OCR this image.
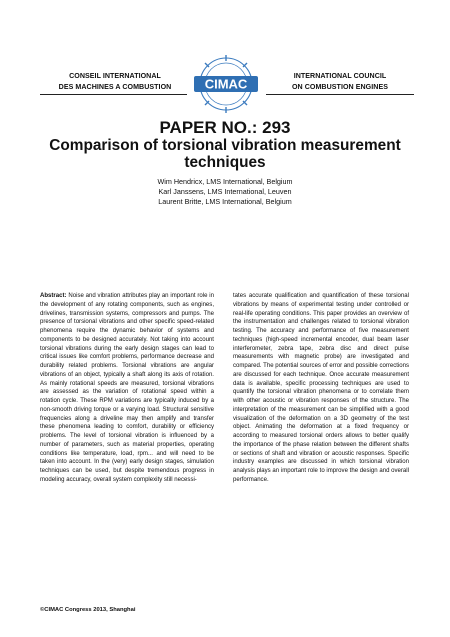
CONSEIL INTERNATIONAL
DES MACHINES A COMBUSTION	CIMAC
INTERNATIONAL COUNCIL
ON COMBUSTION ENGINES
PAPER NO.: 293
Comparison of torsional vibration measurement techniques
Wim Hendricx, LMS International, Belgium
Karl Janssens, LMS International, Leuven
Laurent Britte, LMS International, Belgium
Abstract: Noise and vibration attributes play an important role in the development of any rotating components, such as engines, drivelines, transmission systems, compressors and pumps. The presence of torsional vibrations and other specific speed-related phenomena require the dynamic behavior of systems and components to be designed accurately. Not taking into account torsional vibrations during the early design stages can lead to critical issues like comfort problems, performance decrease and durability related problems. Torsional vibrations are angular vibrations of an object, typically a shaft along its axis of rotation. As mainly rotational speeds are measured, torsional vibrations are assessed as the variation of rotational speed within a rotation cycle. These RPM variations are typically induced by a non-smooth driving torque or a varying load. Structural sensitive frequencies along a driveline may then amplify and transfer these phenomena leading to comfort, durability or efficiency problems. The level of torsional vibration is influenced by a number of parameters, such as material properties, operating conditions like temperature, load, rpm... and will need to be taken into account. In the (very) early design stages, simulation techniques can be used, but despite tremendous progress in modeling accuracy, overall system complexity still necessi-
tates accurate qualification and quantification of these torsional vibrations by means of experimental testing under controlled or real-life operating conditions. This paper provides an overview of the instrumentation and challenges related to torsional vibration testing. The accuracy and performance of five measurement techniques (high-speed incremental encoder, dual beam laser interferometer, zebra tape, zebra disc and direct pulse measurements with magnetic probe) are investigated and compared. The potential sources of error and possible corrections are discussed for each technique. Once accurate measurement data is available, specific processing techniques are used to quantify the torsional vibration phenomena or to correlate them with other acoustic or vibration responses of the structure. The interpretation of the measurement can be simplified with a good visualization of the deformation on a 3D geometry of the test object. Animating the deformation at a fixed frequency or according to measured torsional orders allows to better qualify the importance of the phase relation between the different shafts or sections of shaft and vibration or acoustic responses. Specific industry examples are discussed in which torsional vibration analysis plays an important role to improve the design and overall performance.
©CIMAC Congress 2013, Shanghai
